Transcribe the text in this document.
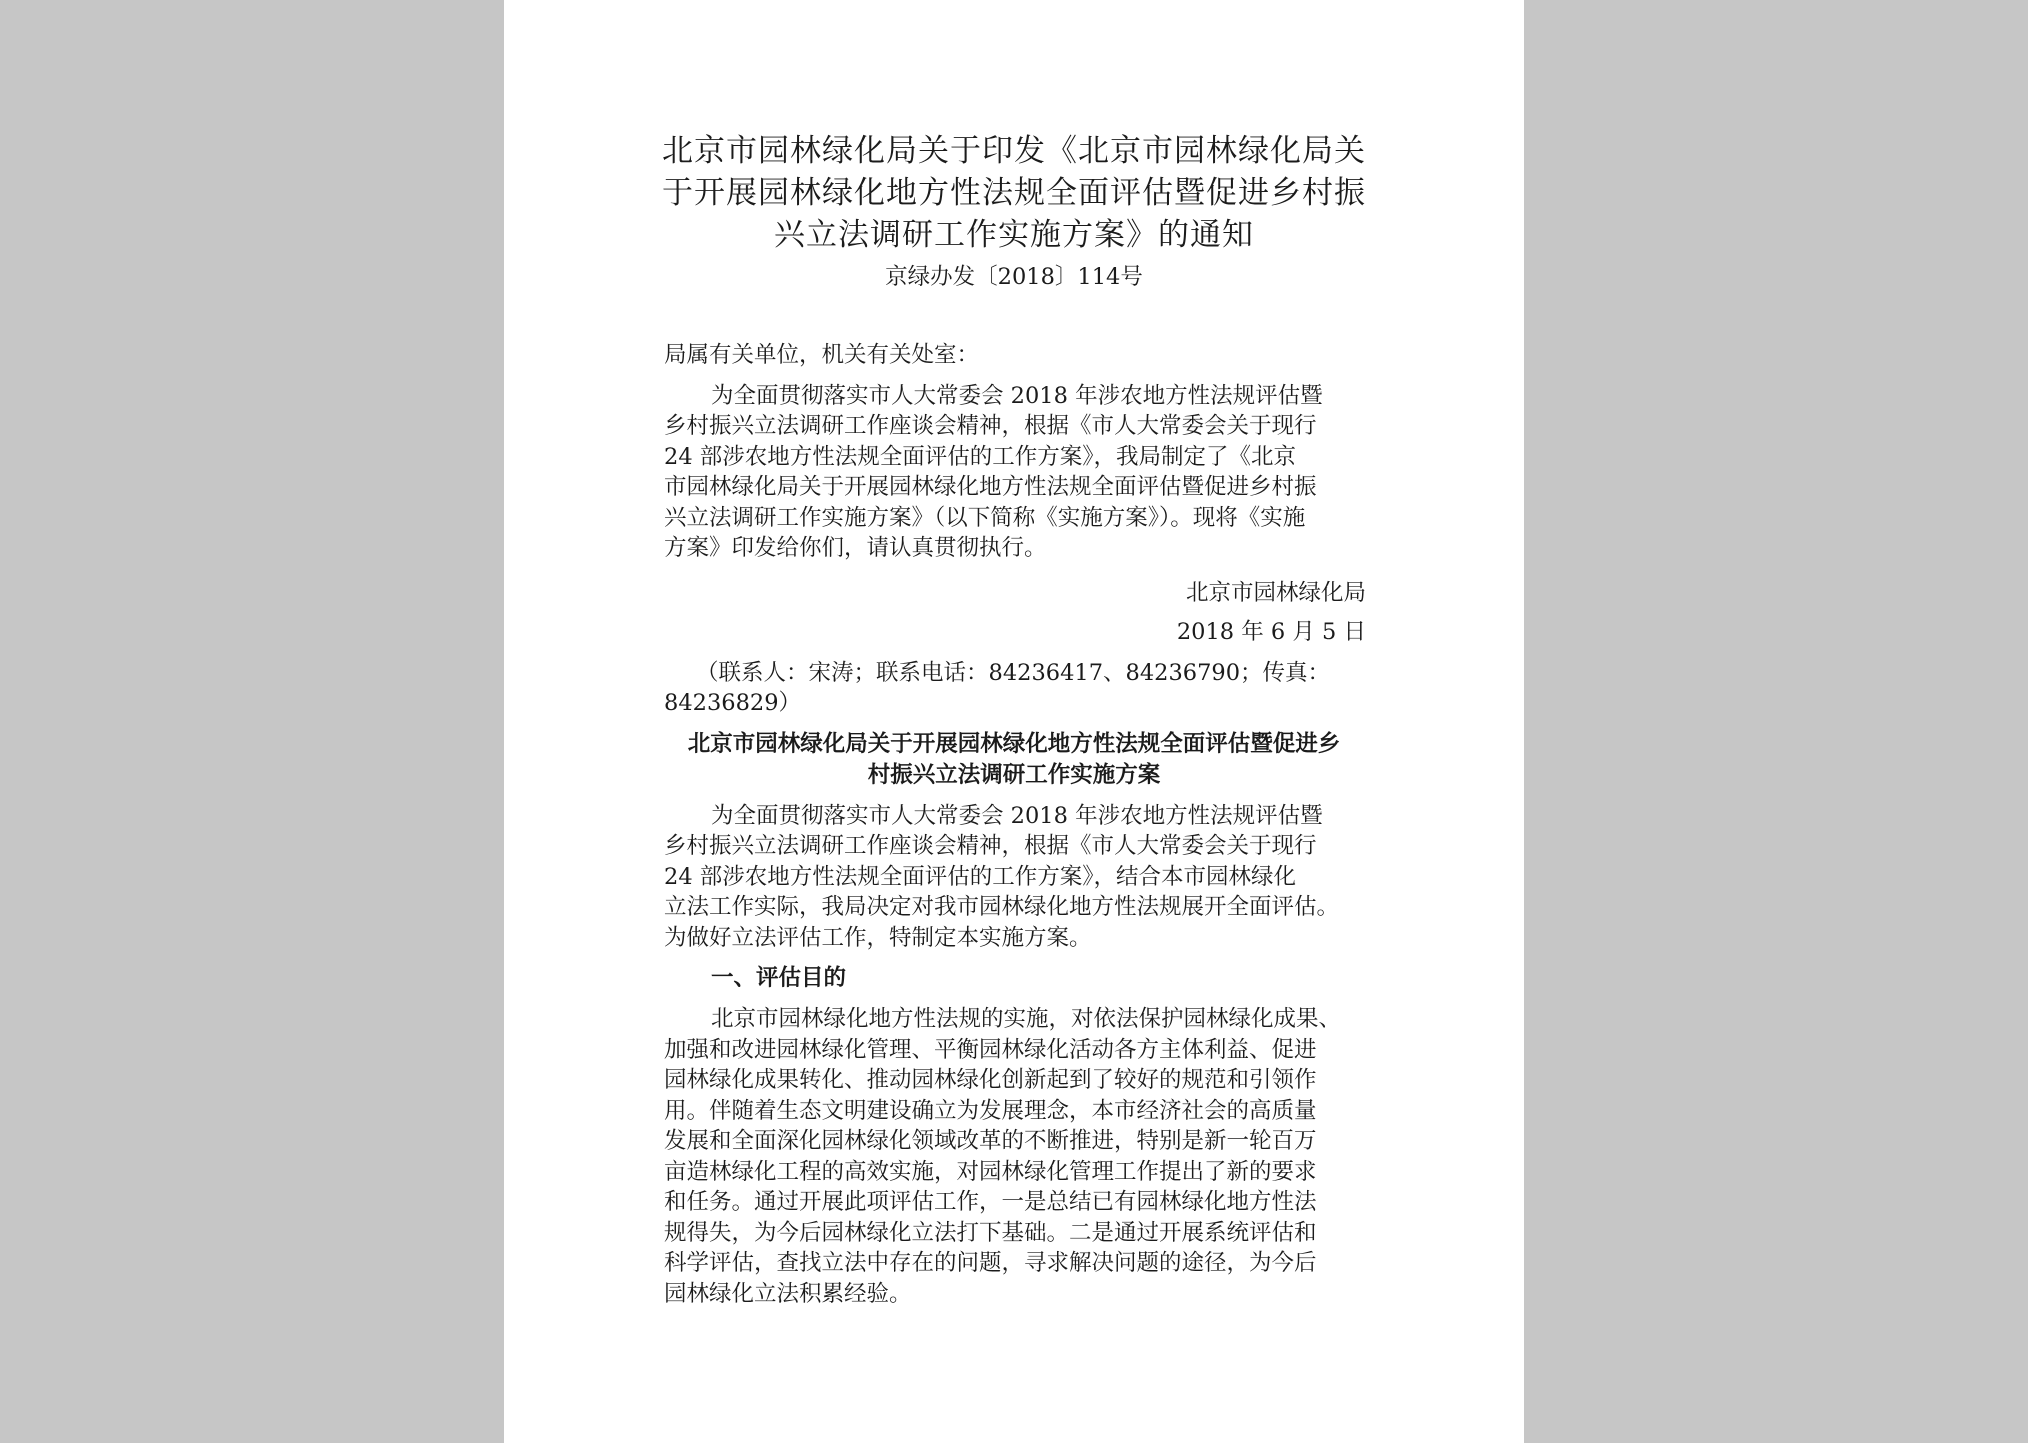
北京市园林绿化局关于印发《北京市园林绿化局关
于开展园林绿化地方性法规全面评估暨促进乡村振
兴立法调研工作实施方案》的通知
京绿办发〔2018〕114号
局属有关单位，机关有关处室：
为全面贯彻落实市人大常委会 2018 年涉农地方性法规评估暨
乡村振兴立法调研工作座谈会精神，根据《市人大常委会关于现行
24 部涉农地方性法规全面评估的工作方案》，我局制定了《北京
市园林绿化局关于开展园林绿化地方性法规全面评估暨促进乡村振
兴立法调研工作实施方案》（以下简称《实施方案》）。现将《实施
方案》印发给你们，请认真贯彻执行。
北京市园林绿化局
2018 年 6 月 5 日
（联系人：宋涛；联系电话：84236417、84236790；传真：
84236829）
北京市园林绿化局关于开展园林绿化地方性法规全面评估暨促进乡
村振兴立法调研工作实施方案
为全面贯彻落实市人大常委会 2018 年涉农地方性法规评估暨
乡村振兴立法调研工作座谈会精神，根据《市人大常委会关于现行
24 部涉农地方性法规全面评估的工作方案》，结合本市园林绿化
立法工作实际，我局决定对我市园林绿化地方性法规展开全面评估。
为做好立法评估工作，特制定本实施方案。
一、评估目的
北京市园林绿化地方性法规的实施，对依法保护园林绿化成果、
加强和改进园林绿化管理、平衡园林绿化活动各方主体利益、促进
园林绿化成果转化、推动园林绿化创新起到了较好的规范和引领作
用。伴随着生态文明建设确立为发展理念，本市经济社会的高质量
发展和全面深化园林绿化领域改革的不断推进，特别是新一轮百万
亩造林绿化工程的高效实施，对园林绿化管理工作提出了新的要求
和任务。通过开展此项评估工作，一是总结已有园林绿化地方性法
规得失，为今后园林绿化立法打下基础。二是通过开展系统评估和
科学评估，查找立法中存在的问题，寻求解决问题的途径，为今后
园林绿化立法积累经验。
